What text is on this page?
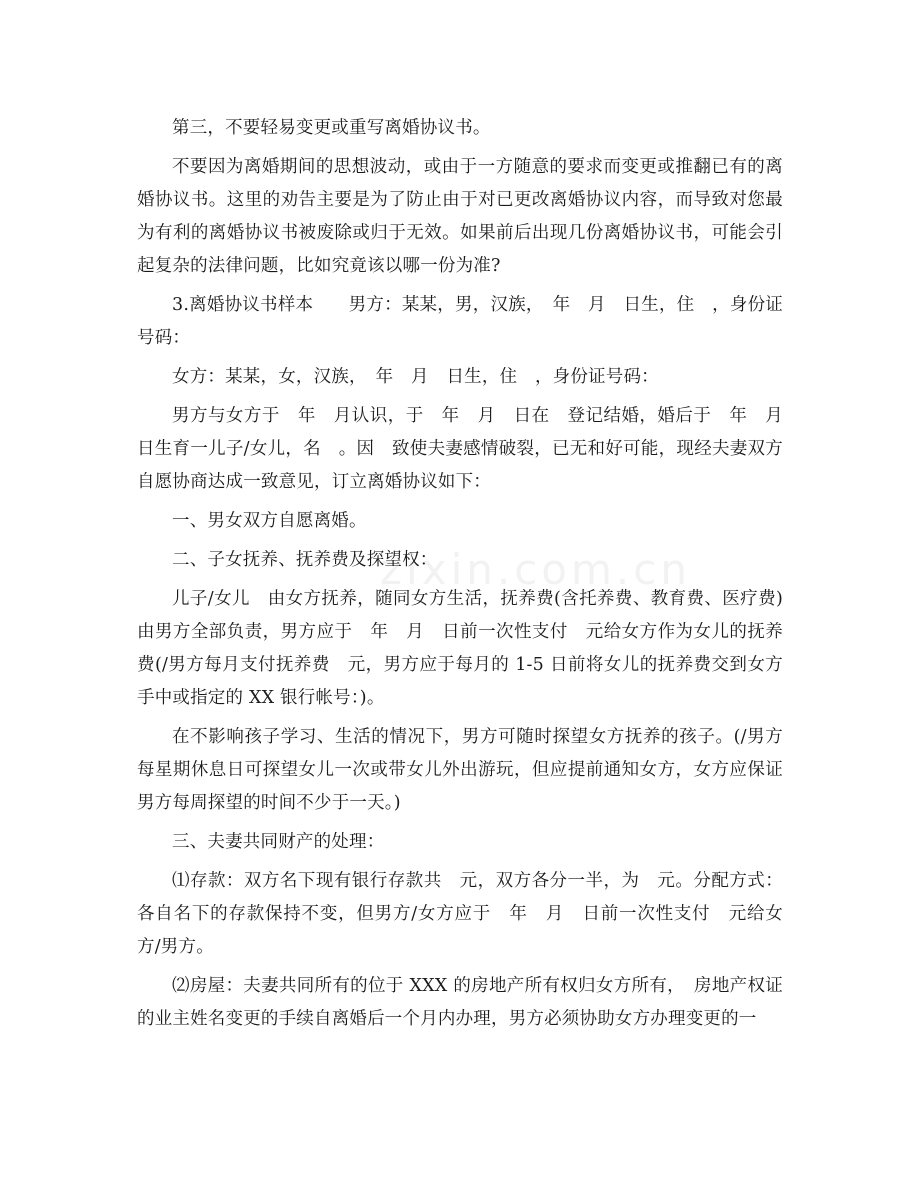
zixin.com.cn

第三，不要轻易变更或重写离婚协议书。

不要因为离婚期间的思想波动，或由于一方随意的要求而变更或推翻已有的离婚协议书。这里的劝告主要是为了防止由于对已更改离婚协议内容，而导致对您最为有利的离婚协议书被废除或归于无效。如果前后出现几份离婚协议书，可能会引起复杂的法律问题，比如究竟该以哪一份为准?

3.离婚协议书样本　　男方：某某，男，汉族，　年　月　日生，住　，身份证号码：

女方：某某，女，汉族，　年　月　日生，住　，身份证号码：

男方与女方于　年　月认识，于　年　月　日在　登记结婚，婚后于　年　月　日生育一儿子/女儿，名　。因　致使夫妻感情破裂，已无和好可能，现经夫妻双方自愿协商达成一致意见，订立离婚协议如下：

一、男女双方自愿离婚。

二、子女抚养、抚养费及探望权：

儿子/女儿　由女方抚养，随同女方生活，抚养费(含托养费、教育费、医疗费)由男方全部负责，男方应于　年　月　日前一次性支付　元给女方作为女儿的抚养费(/男方每月支付抚养费　元，男方应于每月的 1-5 日前将女儿的抚养费交到女方手中或指定的 XX 银行帐号：)。

在不影响孩子学习、生活的情况下，男方可随时探望女方抚养的孩子。(/男方每星期休息日可探望女儿一次或带女儿外出游玩，但应提前通知女方，女方应保证男方每周探望的时间不少于一天。)

三、夫妻共同财产的处理：

⑴存款：双方名下现有银行存款共　元，双方各分一半，为　元。分配方式：各自名下的存款保持不变，但男方/女方应于　年　月　日前一次性支付　元给女方/男方。

⑵房屋：夫妻共同所有的位于 XXX 的房地产所有权归女方所有，　房地产权证的业主姓名变更的手续自离婚后一个月内办理，男方必须协助女方办理变更的一
